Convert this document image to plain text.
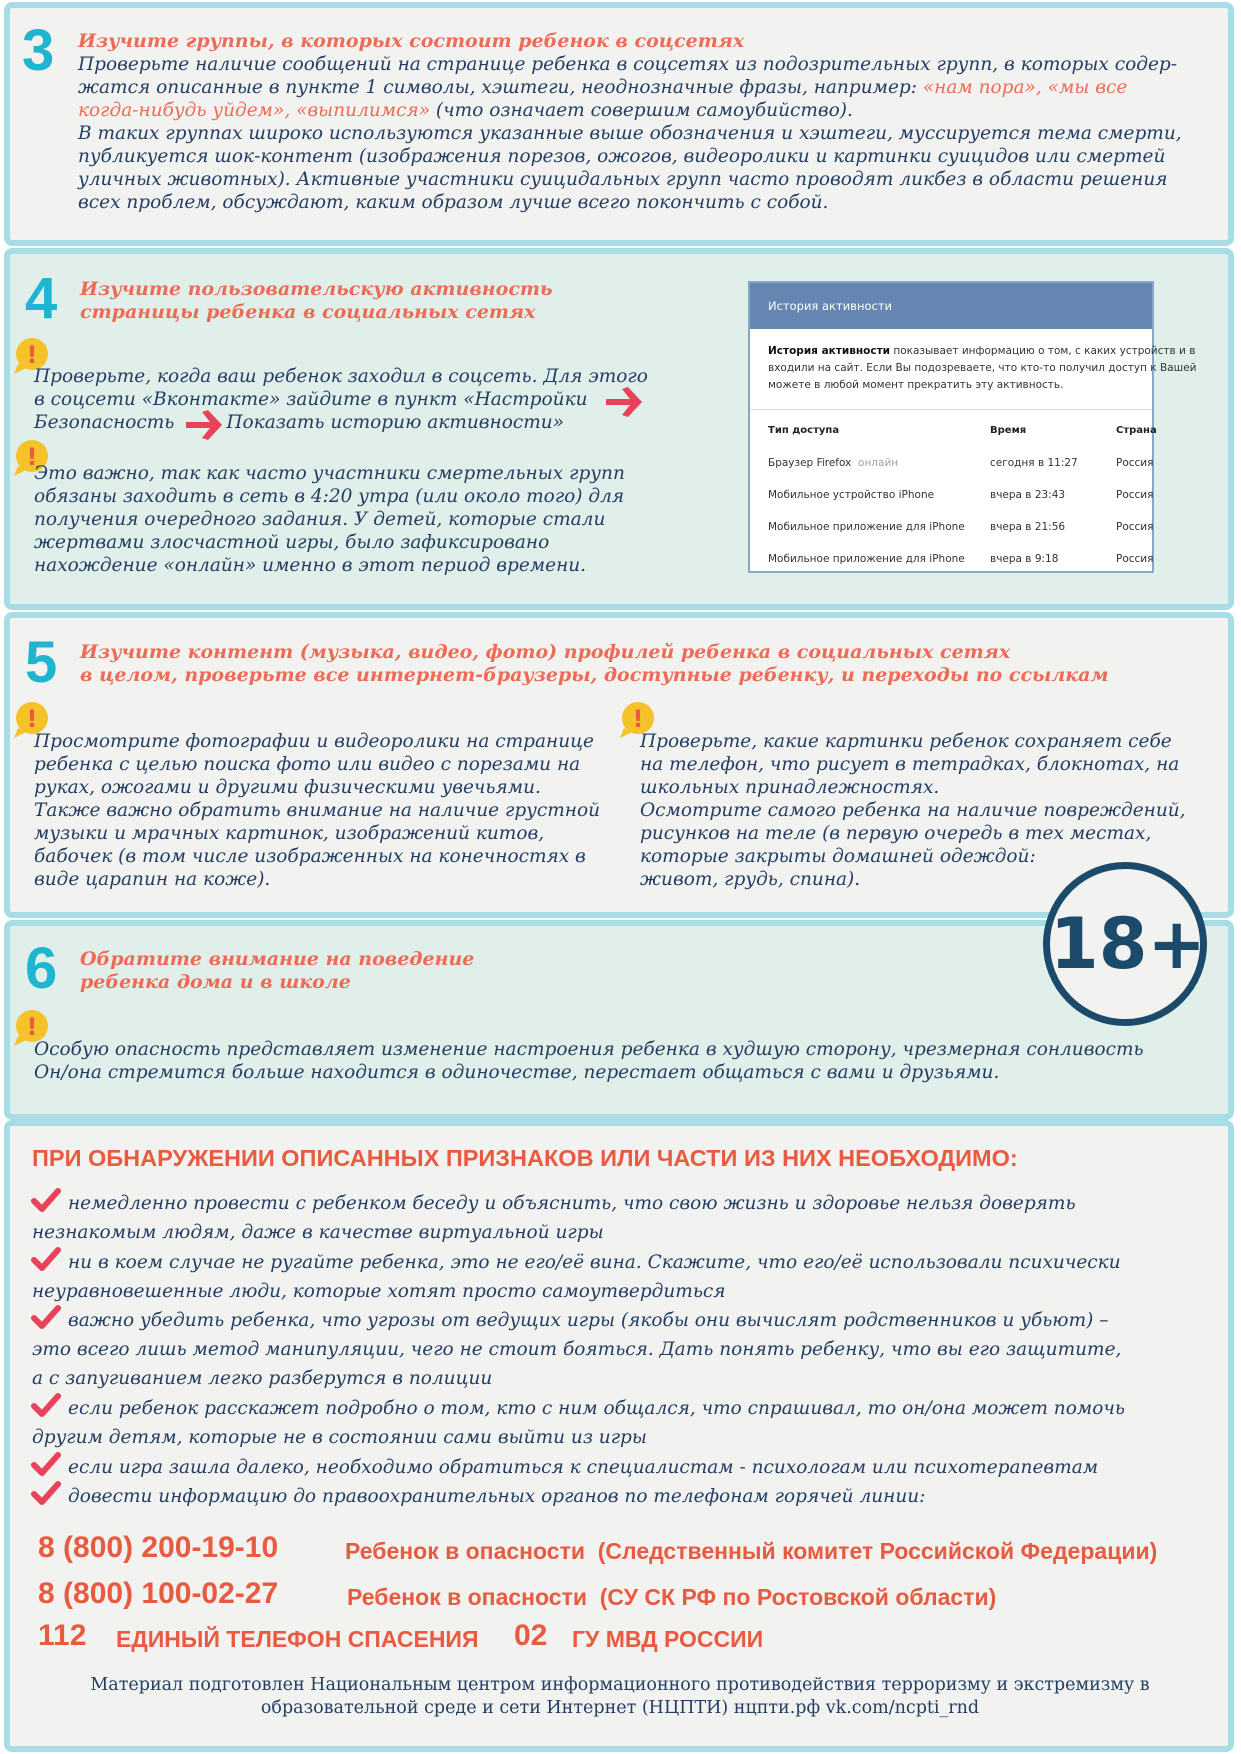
3 Изучите группы, в которых состоит ребенок в соцсетях
Проверьте наличие сообщений на странице ребенка в соцсетях из подозрительных групп, в которых содер-
жатся описанные в пункте 1 символы, хэштеги, неоднозначные фразы, например: «нам пора», «мы все
когда-нибудь уйдем», «выпилимся» (что означает совершим самоубийство).
В таких группах широко используются указанные выше обозначения и хэштеги, муссируется тема смерти,
публикуется шок-контент (изображения порезов, ожогов, видеоролики и картинки суицидов или смертей
уличных животных). Активные участники суицидальных групп часто проводят ликбез в области решения
всех проблем, обсуждают, каким образом лучше всего покончить с собой.
4 Изучите пользовательскую активность
страницы ребенка в социальных сетях
!
Проверьте, когда ваш ребенок заходил в соцсеть. Для этого
в соцсети «Вконтакте» зайдите в пункт «Настройки
Безопасность	Показать историю активности»
!
Это важно, так как часто участники смертельных групп
обязаны заходить в сеть в 4:20 утра (или около того) для
получения очередного задания. У детей, которые стали
жертвами злосчастной игры, было зафиксировано
нахождение «онлайн» именно в этот период времени.
История активности
История активности показывает информацию о том, с каких устройств и в
входили на сайт. Если Вы подозреваете, что кто-то получил доступ к Вашей
можете в любой момент прекратить эту активность.
Тип доступа	Время	Страна
Браузер Firefox онлайн	сегодня в 11:27	Россия
Мобильное устройство iPhone	вчера в 23:43	Россия
Мобильное приложение для iPhone вчера в 21:56	Россия
Мобильное приложение для iPhone вчера в 9:18	Россия
5 Изучите контент (музыка, видео, фото) профилей ребенка в социальных сетях
в целом, проверьте все интернет-браузеры, доступные ребенку, и переходы по ссылкам
!
Просмотрите фотографии и видеоролики на странице
ребенка с целью поиска фото или видео с порезами на
руках, ожогами и другими физическими увечьями.
Также важно обратить внимание на наличие грустной
музыки и мрачных картинок, изображений китов,
бабочек (в том числе изображенных на конечностях в
виде царапин на коже).
!
Проверьте, какие картинки ребенок сохраняет себе
на телефон, что рисует в тетрадках, блокнотах, на
школьных принадлежностях.
Осмотрите самого ребенка на наличие повреждений,
рисунков на теле (в первую очередь в тех местах,
которые закрыты домашней одеждой:
живот, грудь, спина).
6 Обратите внимание на поведение
ребенка дома и в школе
!
Особую опасность представляет изменение настроения ребенка в худшую сторону, чрезмерная сонливость
Он/она стремится больше находится в одиночестве, перестает общаться с вами и друзьями.
18+
ПРИ ОБНАРУЖЕНИИ ОПИСАННЫХ ПРИЗНАКОВ ИЛИ ЧАСТИ ИЗ НИХ НЕОБХОДИМО:
немедленно провести с ребенком беседу и объяснить, что свою жизнь и здоровье нельзя доверять
незнакомым людям, даже в качестве виртуальной игры
ни в коем случае не ругайте ребенка, это не его/её вина. Скажите, что его/её использовали психически
неуравновешенные люди, которые хотят просто самоутвердиться
важно убедить ребенка, что угрозы от ведущих игры (якобы они вычислят родственников и убьют) –
это всего лишь метод манипуляции, чего не стоит бояться. Дать понять ребенку, что вы его защитите,
а с запугиванием легко разберутся в полиции
если ребенок расскажет подробно о том, кто с ним общался, что спрашивал, то он/она может помочь
другим детям, которые не в состоянии сами выйти из игры
если игра зашла далеко, необходимо обратиться к специалистам - психологам или психотерапевтам
довести информацию до правоохранительных органов по телефонам горячей линии:
8 (800) 200-19-10	Ребенок в опасности  (Следственный комитет Российской Федерации)
8 (800) 100-02-27	Ребенок в опасности  (СУ СК РФ по Ростовской области)
112 ЕДИНЫЙ ТЕЛЕФОН СПАСЕНИЯ 02 ГУ МВД РОССИИ
Материал подготовлен Национальным центром информационного противодействия терроризму и экстремизму в
образовательной среде и сети Интернет (НЦПТИ) нцпти.рф vk.com/ncpti_rnd
